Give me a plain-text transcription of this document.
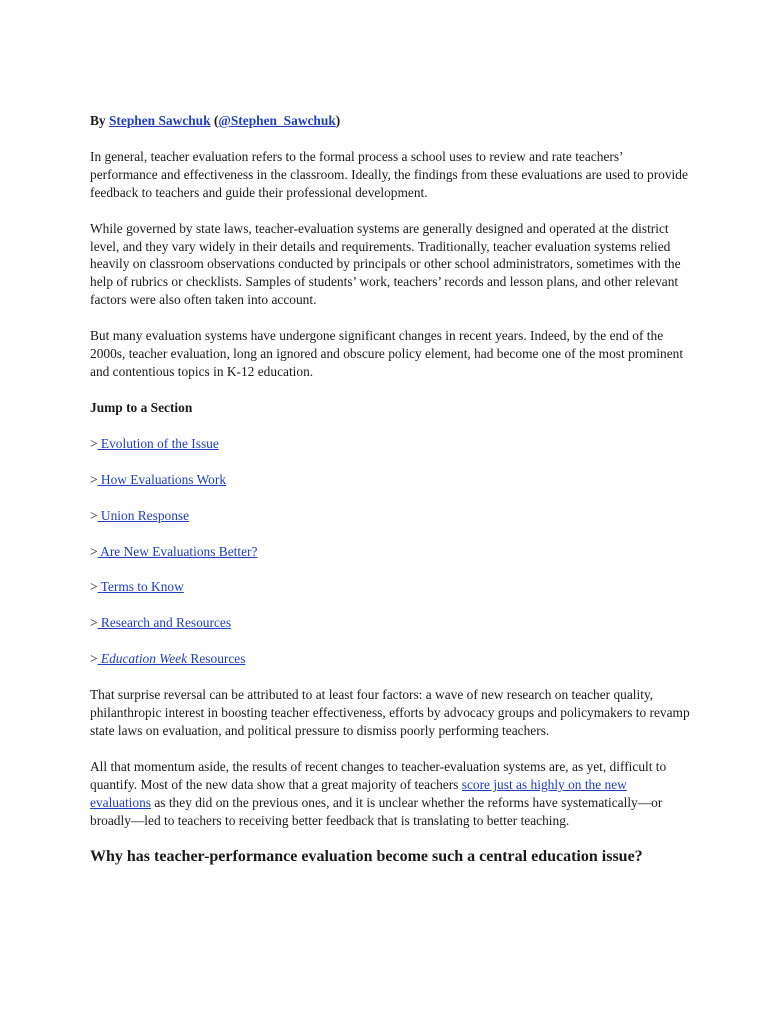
By Stephen Sawchuk (@Stephen_Sawchuk)

In general, teacher evaluation refers to the formal process a school uses to review and rate teachers’ performance and effectiveness in the classroom. Ideally, the findings from these evaluations are used to provide feedback to teachers and guide their professional development.

While governed by state laws, teacher-evaluation systems are generally designed and operated at the district level, and they vary widely in their details and requirements. Traditionally, teacher evaluation systems relied heavily on classroom observations conducted by principals or other school administrators, sometimes with the help of rubrics or checklists. Samples of students’ work, teachers’ records and lesson plans, and other relevant factors were also often taken into account.

But many evaluation systems have undergone significant changes in recent years. Indeed, by the end of the 2000s, teacher evaluation, long an ignored and obscure policy element, had become one of the most prominent and contentious topics in K-12 education.

Jump to a Section

> Evolution of the Issue

> How Evaluations Work

> Union Response

> Are New Evaluations Better?

> Terms to Know

> Research and Resources

> Education Week Resources

That surprise reversal can be attributed to at least four factors: a wave of new research on teacher quality, philanthropic interest in boosting teacher effectiveness, efforts by advocacy groups and policymakers to revamp state laws on evaluation, and political pressure to dismiss poorly performing teachers.

All that momentum aside, the results of recent changes to teacher-evaluation systems are, as yet, difficult to quantify. Most of the new data show that a great majority of teachers score just as highly on the new evaluations as they did on the previous ones, and it is unclear whether the reforms have systematically—or broadly—led to teachers to receiving better feedback that is translating to better teaching.

Why has teacher-performance evaluation become such a central education issue?
